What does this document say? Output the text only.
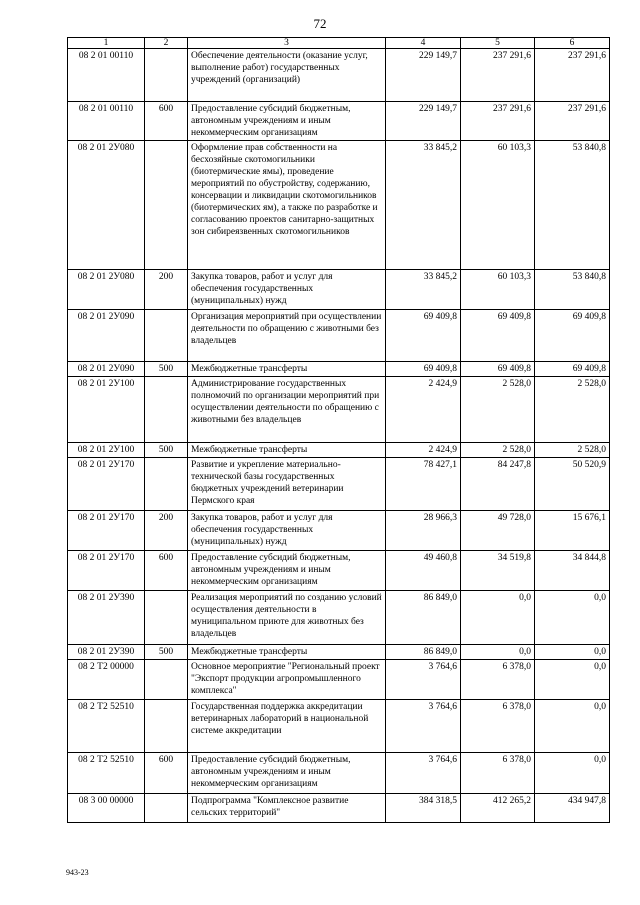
72
1	2	3	4	5	6
08 2 01 00110		Обеспечение деятельности (оказание услуг, выполнение работ) государственных учреждений (организаций)	229 149,7	237 291,6	237 291,6
08 2 01 00110	600	Предоставление субсидий бюджетным, автономным учреждениям и иным некоммерческим организациям	229 149,7	237 291,6	237 291,6
08 2 01 2У080		Оформление прав собственности на бесхозяйные скотомогильники (биотермические ямы), проведение мероприятий по обустройству, содержанию, консервации и ликвидации скотомогильников (биотермических ям), а также по разработке и согласованию проектов санитарно-защитных зон сибиреязвенных скотомогильников	33 845,2	60 103,3	53 840,8
08 2 01 2У080	200	Закупка товаров, работ и услуг для обеспечения государственных (муниципальных) нужд	33 845,2	60 103,3	53 840,8
08 2 01 2У090		Организация мероприятий при осуществлении деятельности по обращению с животными без владельцев	69 409,8	69 409,8	69 409,8
08 2 01 2У090	500	Межбюджетные трансферты	69 409,8	69 409,8	69 409,8
08 2 01 2У100		Администрирование государственных полномочий по организации мероприятий при осуществлении деятельности по обращению с животными без владельцев	2 424,9	2 528,0	2 528,0
08 2 01 2У100	500	Межбюджетные трансферты	2 424,9	2 528,0	2 528,0
08 2 01 2У170		Развитие и укрепление материально-технической базы государственных бюджетных учреждений ветеринарии Пермского края	78 427,1	84 247,8	50 520,9
08 2 01 2У170	200	Закупка товаров, работ и услуг для обеспечения государственных (муниципальных) нужд	28 966,3	49 728,0	15 676,1
08 2 01 2У170	600	Предоставление субсидий бюджетным, автономным учреждениям и иным некоммерческим организациям	49 460,8	34 519,8	34 844,8
08 2 01 2У390		Реализация мероприятий по созданию условий осуществления деятельности в муниципальном приюте для животных без владельцев	86 849,0	0,0	0,0
08 2 01 2У390	500	Межбюджетные трансферты	86 849,0	0,0	0,0
08 2 Т2 00000		Основное мероприятие "Региональный проект "Экспорт продукции агропромышленного комплекса"	3 764,6	6 378,0	0,0
08 2 Т2 52510		Государственная поддержка аккредитации ветеринарных лабораторий в национальной системе аккредитации	3 764,6	6 378,0	0,0
08 2 Т2 52510	600	Предоставление субсидий бюджетным, автономным учреждениям и иным некоммерческим организациям	3 764,6	6 378,0	0,0
08 3 00 00000		Подпрограмма "Комплексное развитие сельских территорий"	384 318,5	412 265,2	434 947,8
943-23
